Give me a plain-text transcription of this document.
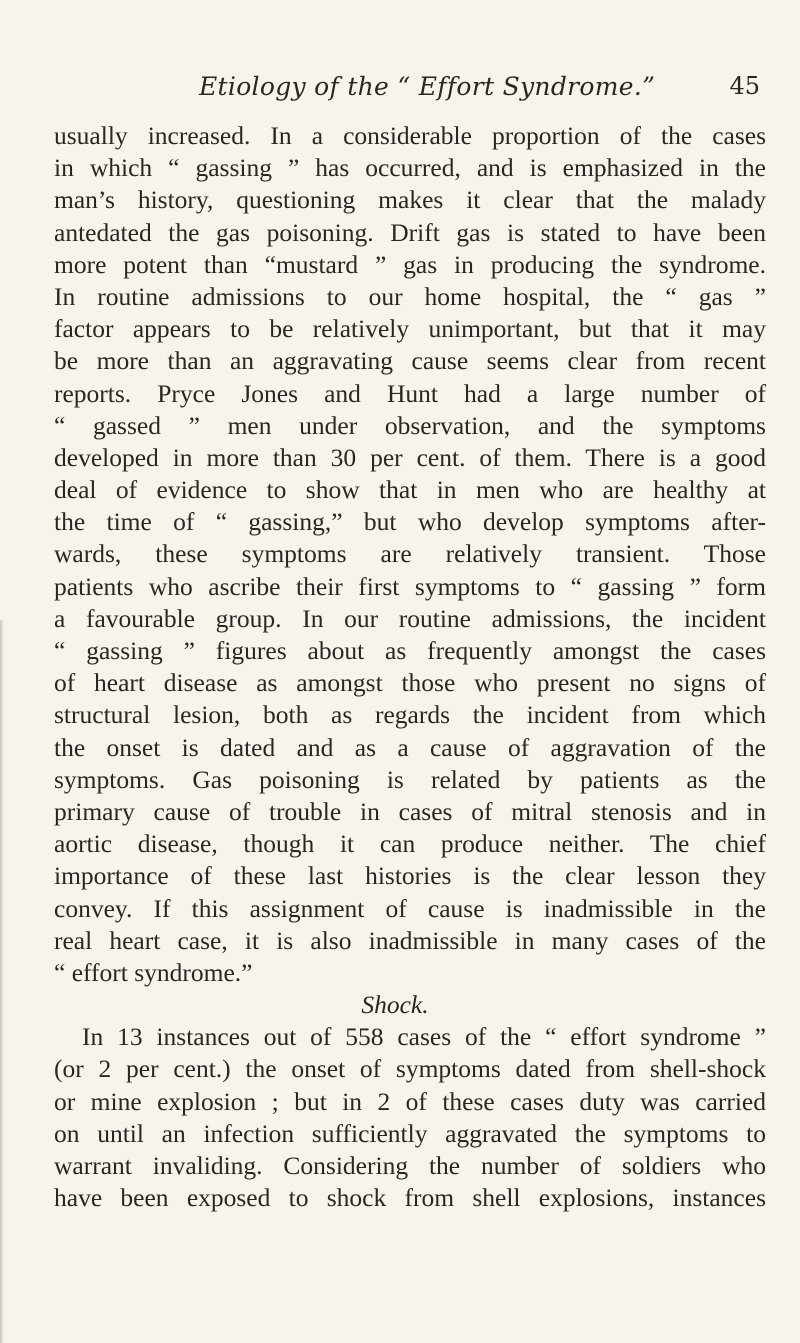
Etiology of the “ Effort Syndrome.”	45
usually increased. In a considerable proportion of the cases
in which “ gassing ” has occurred, and is emphasized in the
man’s history, questioning makes it clear that the malady
antedated the gas poisoning. Drift gas is stated to have been
more potent than “mustard ” gas in producing the syndrome.
In routine admissions to our home hospital, the “ gas ”
factor appears to be relatively unimportant, but that it may
be more than an aggravating cause seems clear from recent
reports. Pryce Jones and Hunt had a large number of
“ gassed ” men under observation, and the symptoms
developed in more than 30 per cent. of them. There is a good
deal of evidence to show that in men who are healthy at
the time of “ gassing,” but who develop symptoms after-
wards, these symptoms are relatively transient. Those
patients who ascribe their first symptoms to “ gassing ” form
a favourable group. In our routine admissions, the incident
“ gassing ” figures about as frequently amongst the cases
of heart disease as amongst those who present no signs of
structural lesion, both as regards the incident from which
the onset is dated and as a cause of aggravation of the
symptoms. Gas poisoning is related by patients as the
primary cause of trouble in cases of mitral stenosis and in
aortic disease, though it can produce neither. The chief
importance of these last histories is the clear lesson they
convey. If this assignment of cause is inadmissible in the
real heart case, it is also inadmissible in many cases of the
“ effort syndrome.”
Shock.
In 13 instances out of 558 cases of the “ effort syndrome ”
(or 2 per cent.) the onset of symptoms dated from shell-shock
or mine explosion ; but in 2 of these cases duty was carried
on until an infection sufficiently aggravated the symptoms to
warrant invaliding. Considering the number of soldiers who
have been exposed to shock from shell explosions, instances
